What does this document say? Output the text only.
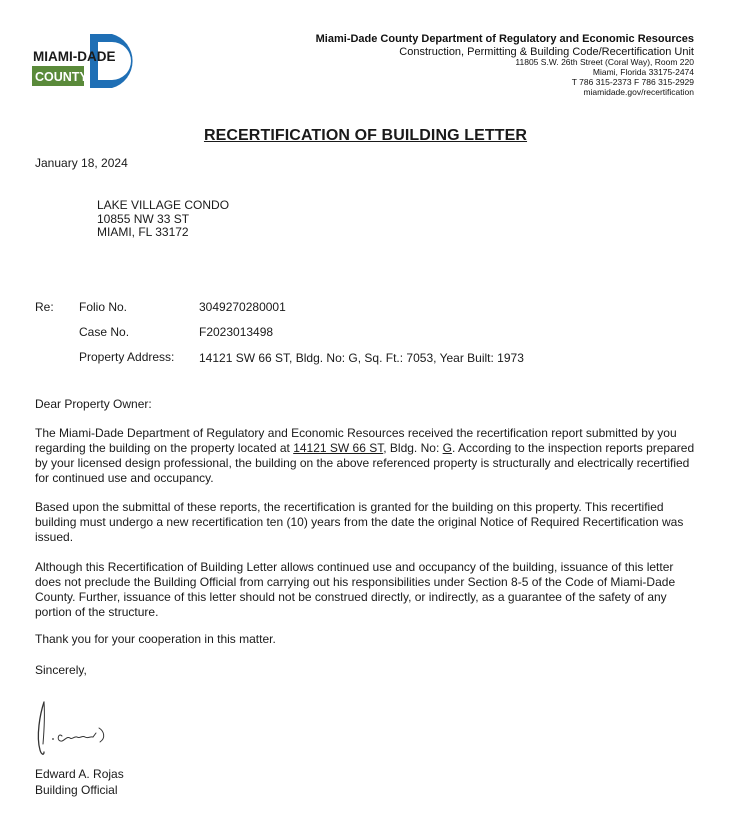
MIAMI-DADE
COUNTY
Miami-Dade County Department of Regulatory and Economic Resources
Construction, Permitting & Building Code/Recertification Unit
11805 S.W. 26th Street (Coral Way), Room 220
Miami, Florida 33175-2474
T 786 315-2373 F 786 315-2929
miamidade.gov/recertification
RECERTIFICATION OF BUILDING LETTER
January 18, 2024
LAKE VILLAGE CONDO
10855 NW 33 ST
MIAMI, FL 33172
Re: Folio No.	3049270280001
Case No.	F2023013498
Property Address: 14121 SW 66 ST, Bldg. No: G, Sq. Ft.: 7053, Year Built: 1973
Dear Property Owner:
The Miami-Dade Department of Regulatory and Economic Resources received the recertification report submitted by you regarding the building on the property located at 14121 SW 66 ST, Bldg. No: G. According to the inspection reports prepared by your licensed design professional, the building on the above referenced property is structurally and electrically recertified for continued use and occupancy.
Based upon the submittal of these reports, the recertification is granted for the building on this property. This recertified building must undergo a new recertification ten (10) years from the date the original Notice of Required Recertification was issued.
Although this Recertification of Building Letter allows continued use and occupancy of the building, issuance of this letter does not preclude the Building Official from carrying out his responsibilities under Section 8-5 of the Code of Miami-Dade County. Further, issuance of this letter should not be construed directly, or indirectly, as a guarantee of the safety of any portion of the structure.
Thank you for your cooperation in this matter.
Sincerely,
Edward A. Rojas
Building Official
